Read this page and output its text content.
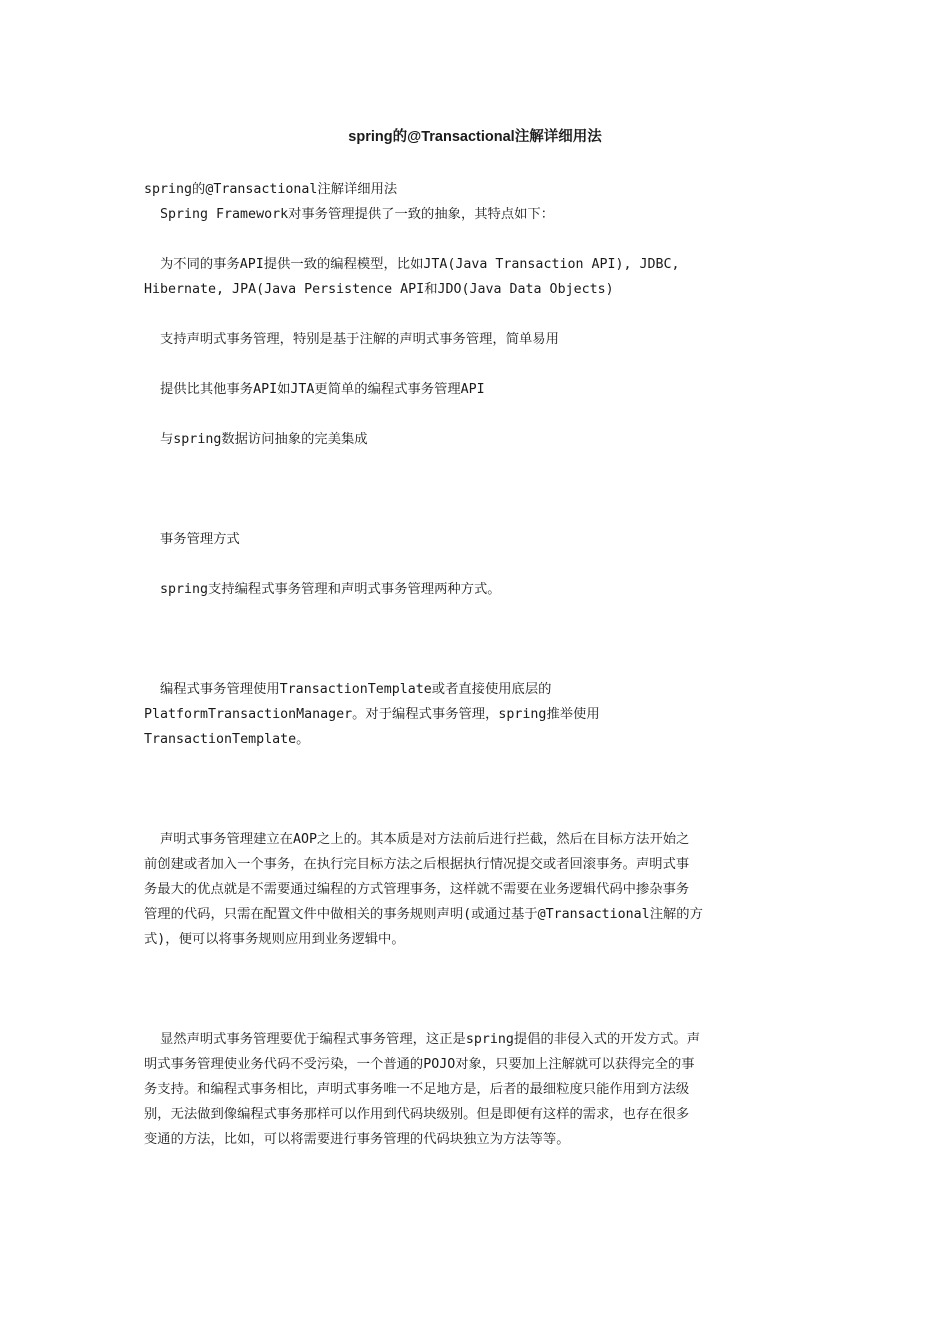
spring的@Transactional注解详细用法

spring的@Transactional注解详细用法

Spring Framework对事务管理提供了一致的抽象，其特点如下：

为不同的事务API提供一致的编程模型，比如JTA(Java Transaction API), JDBC,

Hibernate, JPA(Java Persistence API和JDO(Java Data Objects)

支持声明式事务管理，特别是基于注解的声明式事务管理，简单易用

提供比其他事务API如JTA更简单的编程式事务管理API

与spring数据访问抽象的完美集成

事务管理方式

spring支持编程式事务管理和声明式事务管理两种方式。

编程式事务管理使用TransactionTemplate或者直接使用底层的

PlatformTransactionManager。对于编程式事务管理，spring推举使用

TransactionTemplate。

声明式事务管理建立在AOP之上的。其本质是对方法前后进行拦截，然后在目标方法开始之

前创建或者加入一个事务，在执行完目标方法之后根据执行情况提交或者回滚事务。声明式事

务最大的优点就是不需要通过编程的方式管理事务，这样就不需要在业务逻辑代码中掺杂事务

管理的代码，只需在配置文件中做相关的事务规则声明(或通过基于@Transactional注解的方

式)，便可以将事务规则应用到业务逻辑中。

显然声明式事务管理要优于编程式事务管理，这正是spring提倡的非侵入式的开发方式。声

明式事务管理使业务代码不受污染，一个普通的POJO对象，只要加上注解就可以获得完全的事

务支持。和编程式事务相比，声明式事务唯一不足地方是，后者的最细粒度只能作用到方法级

别，无法做到像编程式事务那样可以作用到代码块级别。但是即便有这样的需求，也存在很多

变通的方法，比如，可以将需要进行事务管理的代码块独立为方法等等。
